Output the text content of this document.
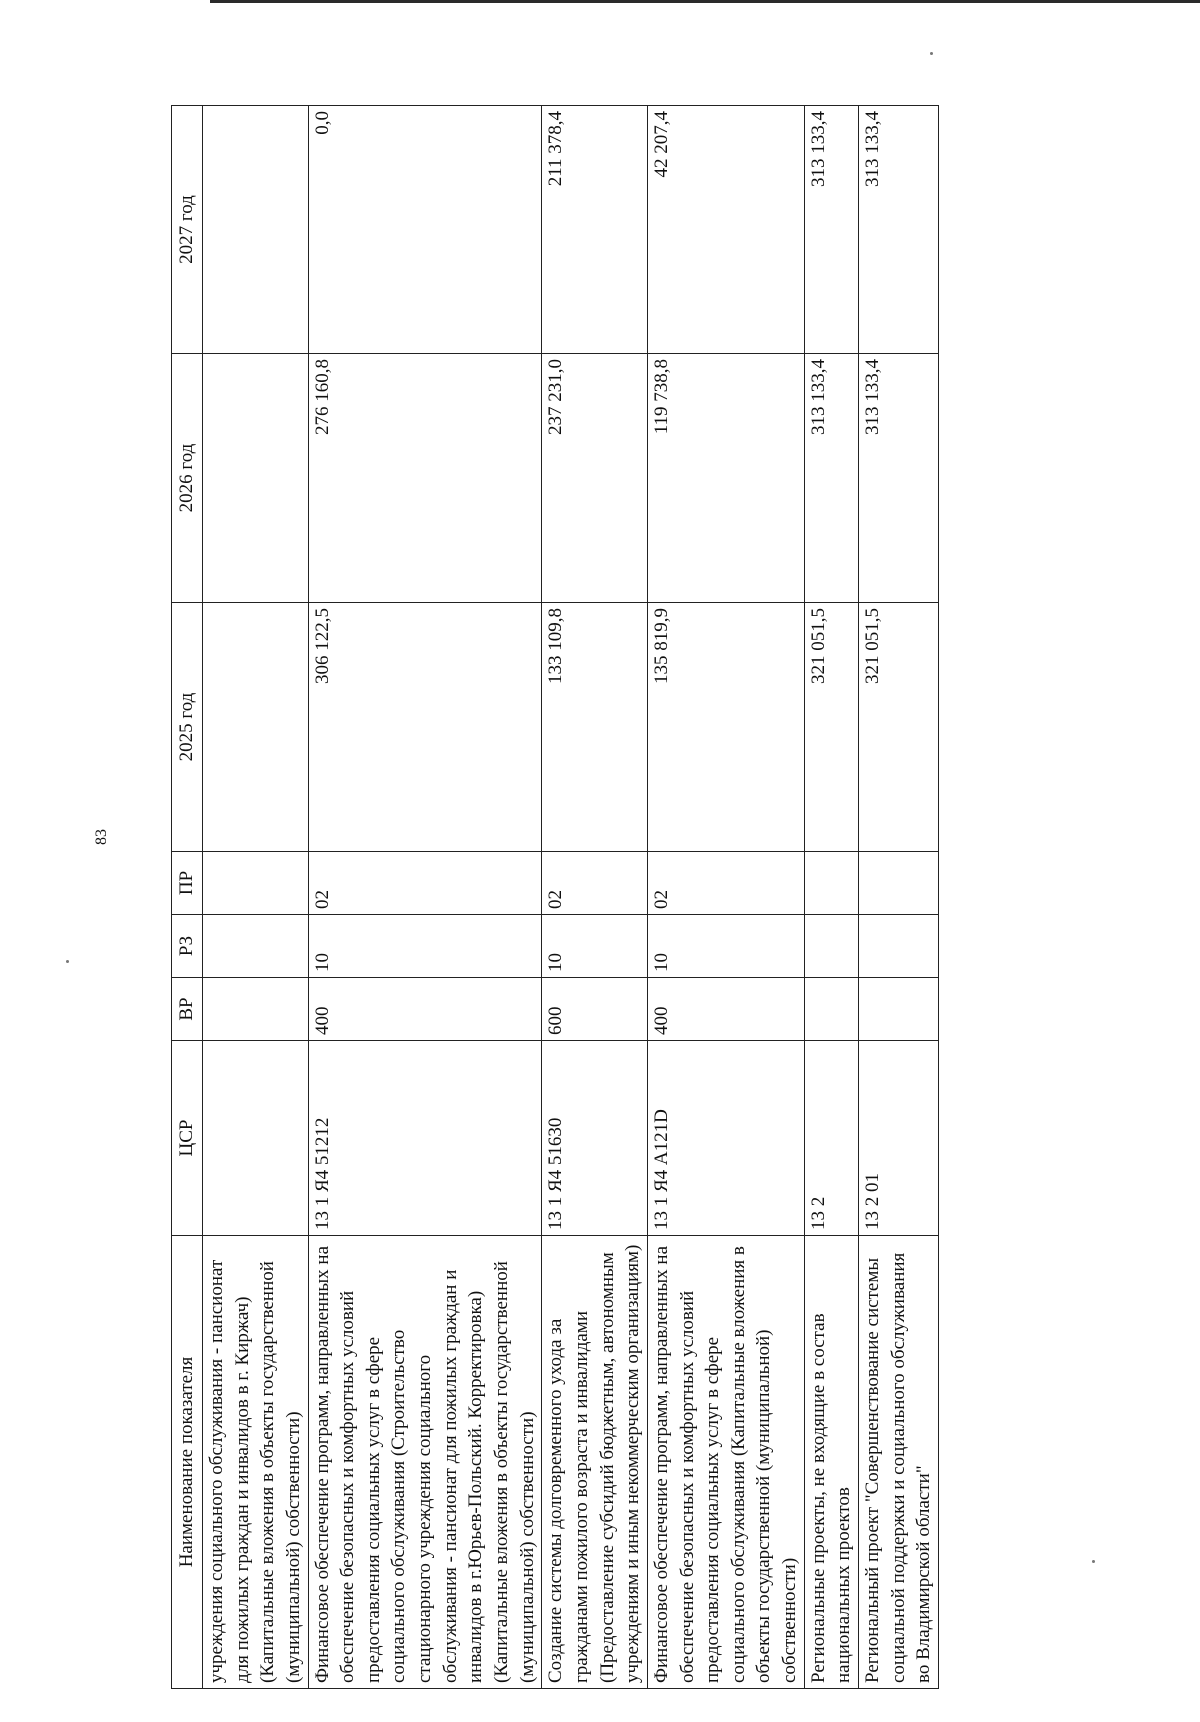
83
Наименование показателя	ЦСР	ВР	РЗ	ПР	2025 год	2026 год	2027 год
учреждения социального обслуживания - пансионат для пожилых граждан и инвалидов в г. Киржач) (Капитальные вложения в объекты государственной (муниципальной) собственности)							
Финансовое обеспечение программ, направленных на обеспечение безопасных и комфортных условий предоставления социальных услуг в сфере социального обслуживания (Строительство стационарного учреждения социального обслуживания - пансионат для пожилых граждан и инвалидов в г.Юрьев-Польский. Корректировка) (Капитальные вложения в объекты государственной (муниципальной) собственности)	13 1 Я4 51212	400	10	02	306 122,5	276 160,8	0,0
Создание системы долговременного ухода за гражданами пожилого возраста и инвалидами (Предоставление субсидий бюджетным, автономным учреждениям и иным некоммерческим организациям)	13 1 Я4 51630	600	10	02	133 109,8	237 231,0	211 378,4
Финансовое обеспечение программ, направленных на обеспечение безопасных и комфортных условий предоставления социальных услуг в сфере социального обслуживания (Капитальные вложения в объекты государственной (муниципальной) собственности)	13 1 Я4 А121D	400	10	02	135 819,9	119 738,8	42 207,4
Региональные проекты, не входящие в состав национальных проектов	13 2				321 051,5	313 133,4	313 133,4
Региональный проект "Совершенствование системы социальной поддержки и социального обслуживания во Владимирской области"	13 2 01				321 051,5	313 133,4	313 133,4
